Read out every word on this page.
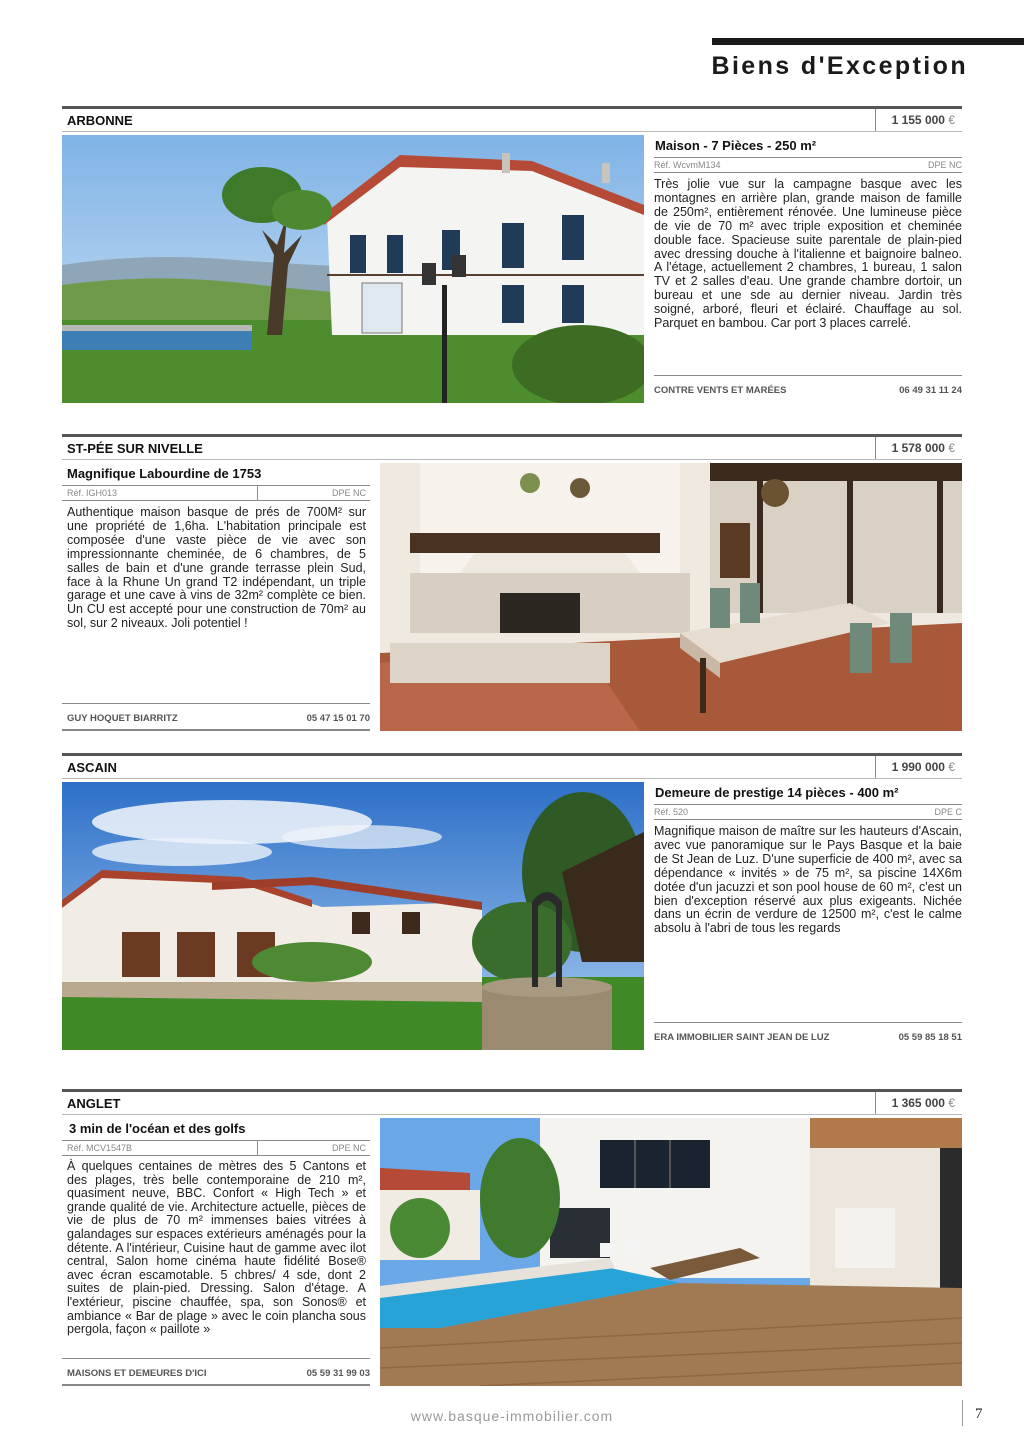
Biens d'Exception
ARBONNE	1 155 000 €
Maison - 7 Pièces - 250 m²
Réf. WcvmM134	DPE NC
Très jolie vue sur la campagne basque avec les montagnes en arrière plan, grande maison de famille de 250m², entièrement rénovée. Une lumineuse pièce de vie de 70 m² avec triple exposition et cheminée double face. Spacieuse suite parentale de plain-pied avec dressing douche à l'italienne et baignoire balneo. A l'étage, actuellement 2 chambres, 1 bureau, 1 salon TV et 2 salles d'eau. Une grande chambre dortoir, un bureau et une sde au dernier niveau. Jardin très soigné, arboré, fleuri et éclairé. Chauffage au sol. Parquet en bambou. Car port 3 places carrelé.
CONTRE VENTS ET MARÉES	06 49 31 11 24
ST-PÉE SUR NIVELLE	1 578 000 €
Magnifique Labourdine de 1753
Réf. IGH013	DPE NC
Authentique maison basque de prés de 700M² sur une propriété de 1,6ha. L'habitation principale est composée d'une vaste pièce de vie avec son impressionnante cheminée, de 6 chambres, de 5 salles de bain et d'une grande terrasse plein Sud, face à la Rhune Un grand T2 indépendant, un triple garage et une cave à vins de 32m² complète ce bien. Un CU est accepté pour une construction de 70m² au sol, sur 2 niveaux. Joli potentiel !
GUY HOQUET BIARRITZ	05 47 15 01 70
ASCAIN	1 990 000 €
Demeure de prestige 14 pièces - 400 m²
Réf. 520	DPE C
Magnifique maison de maître sur les hauteurs d'Ascain, avec vue panoramique sur le Pays Basque et la baie de St Jean de Luz. D'une superficie de 400 m², avec sa dépendance « invités » de 75 m², sa piscine 14X6m dotée d'un jacuzzi et son pool house de 60 m², c'est un bien d'exception réservé aux plus exigeants. Nichée dans un écrin de verdure de 12500 m², c'est le calme absolu à l'abri de tous les regards
ERA IMMOBILIER SAINT JEAN DE LUZ	05 59 85 18 51
ANGLET	1 365 000 €
3 min de l'océan et des golfs
Réf. MCV1547B	DPE NC
À quelques centaines de mètres des 5 Cantons et des plages, très belle contemporaine de 210 m², quasiment neuve, BBC. Confort « High Tech » et grande qualité de vie. Architecture actuelle, pièces de vie de plus de 70 m² immenses baies vitrées à galandages sur espaces extérieurs aménagés pour la détente. A l'intérieur, Cuisine haut de gamme avec ilot central, Salon home cinéma haute fidélité Bose® avec écran escamotable. 5 chbres/ 4 sde, dont 2 suites de plain-pied. Dressing. Salon d'étage. A l'extérieur, piscine chauffée, spa, son Sonos® et ambiance « Bar de plage » avec le coin plancha sous pergola, façon « paillote »
MAISONS ET DEMEURES D'ICI	05 59 31 99 03
www.basque-immobilier.com	7
